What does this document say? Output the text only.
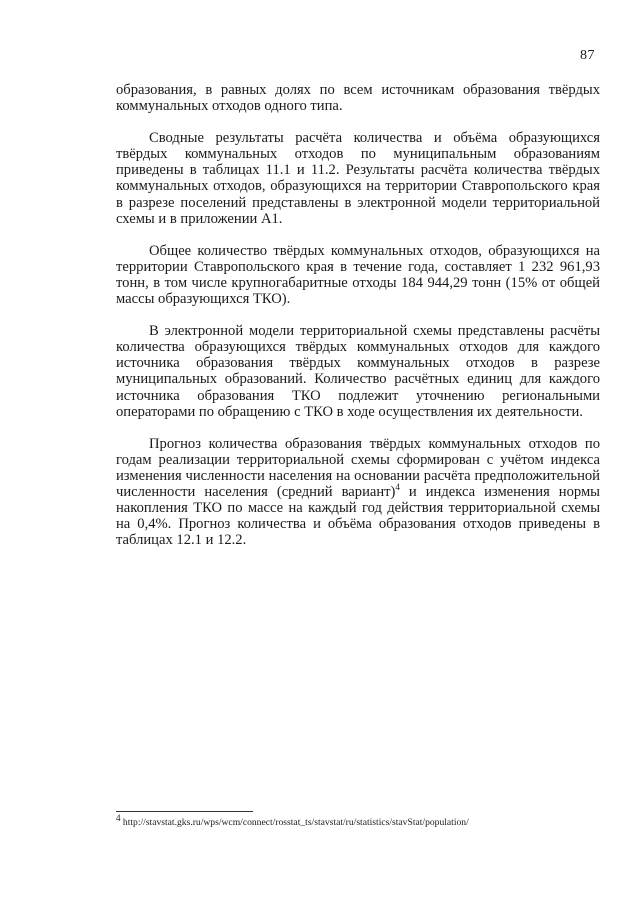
87

образования, в равных долях по всем источникам образования твёрдых коммунальных отходов одного типа.

Сводные результаты расчёта количества и объёма образующихся твёрдых коммунальных отходов по муниципальным образованиям приведены в таблицах 11.1 и 11.2. Результаты расчёта количества твёрдых коммунальных отходов, образующихся на территории Ставропольского края в разрезе поселений представлены в электронной модели территориальной схемы и в приложении А1.

Общее количество твёрдых коммунальных отходов, образующихся на территории Ставропольского края в течение года, составляет 1 232 961,93 тонн, в том числе крупногабаритные отходы 184 944,29 тонн (15% от общей массы образующихся ТКО).

В электронной модели территориальной схемы представлены расчёты количества образующихся твёрдых коммунальных отходов для каждого источника образования твёрдых коммунальных отходов в разрезе муниципальных образований. Количество расчётных единиц для каждого источника образования ТКО подлежит уточнению региональными операторами по обращению с ТКО в ходе осуществления их деятельности.

Прогноз количества образования твёрдых коммунальных отходов по годам реализации территориальной схемы сформирован с учётом индекса изменения численности населения на основании расчёта предположительной численности населения (средний вариант)$^4$ и индекса изменения нормы накопления ТКО по массе на каждый год действия территориальной схемы на 0,4%. Прогноз количества и объёма образования отходов приведены в таблицах 12.1 и 12.2.

$^4$ http://stavstat.gks.ru/wps/wcm/connect/rosstat_ts/stavstat/ru/statistics/stavStat/population/
